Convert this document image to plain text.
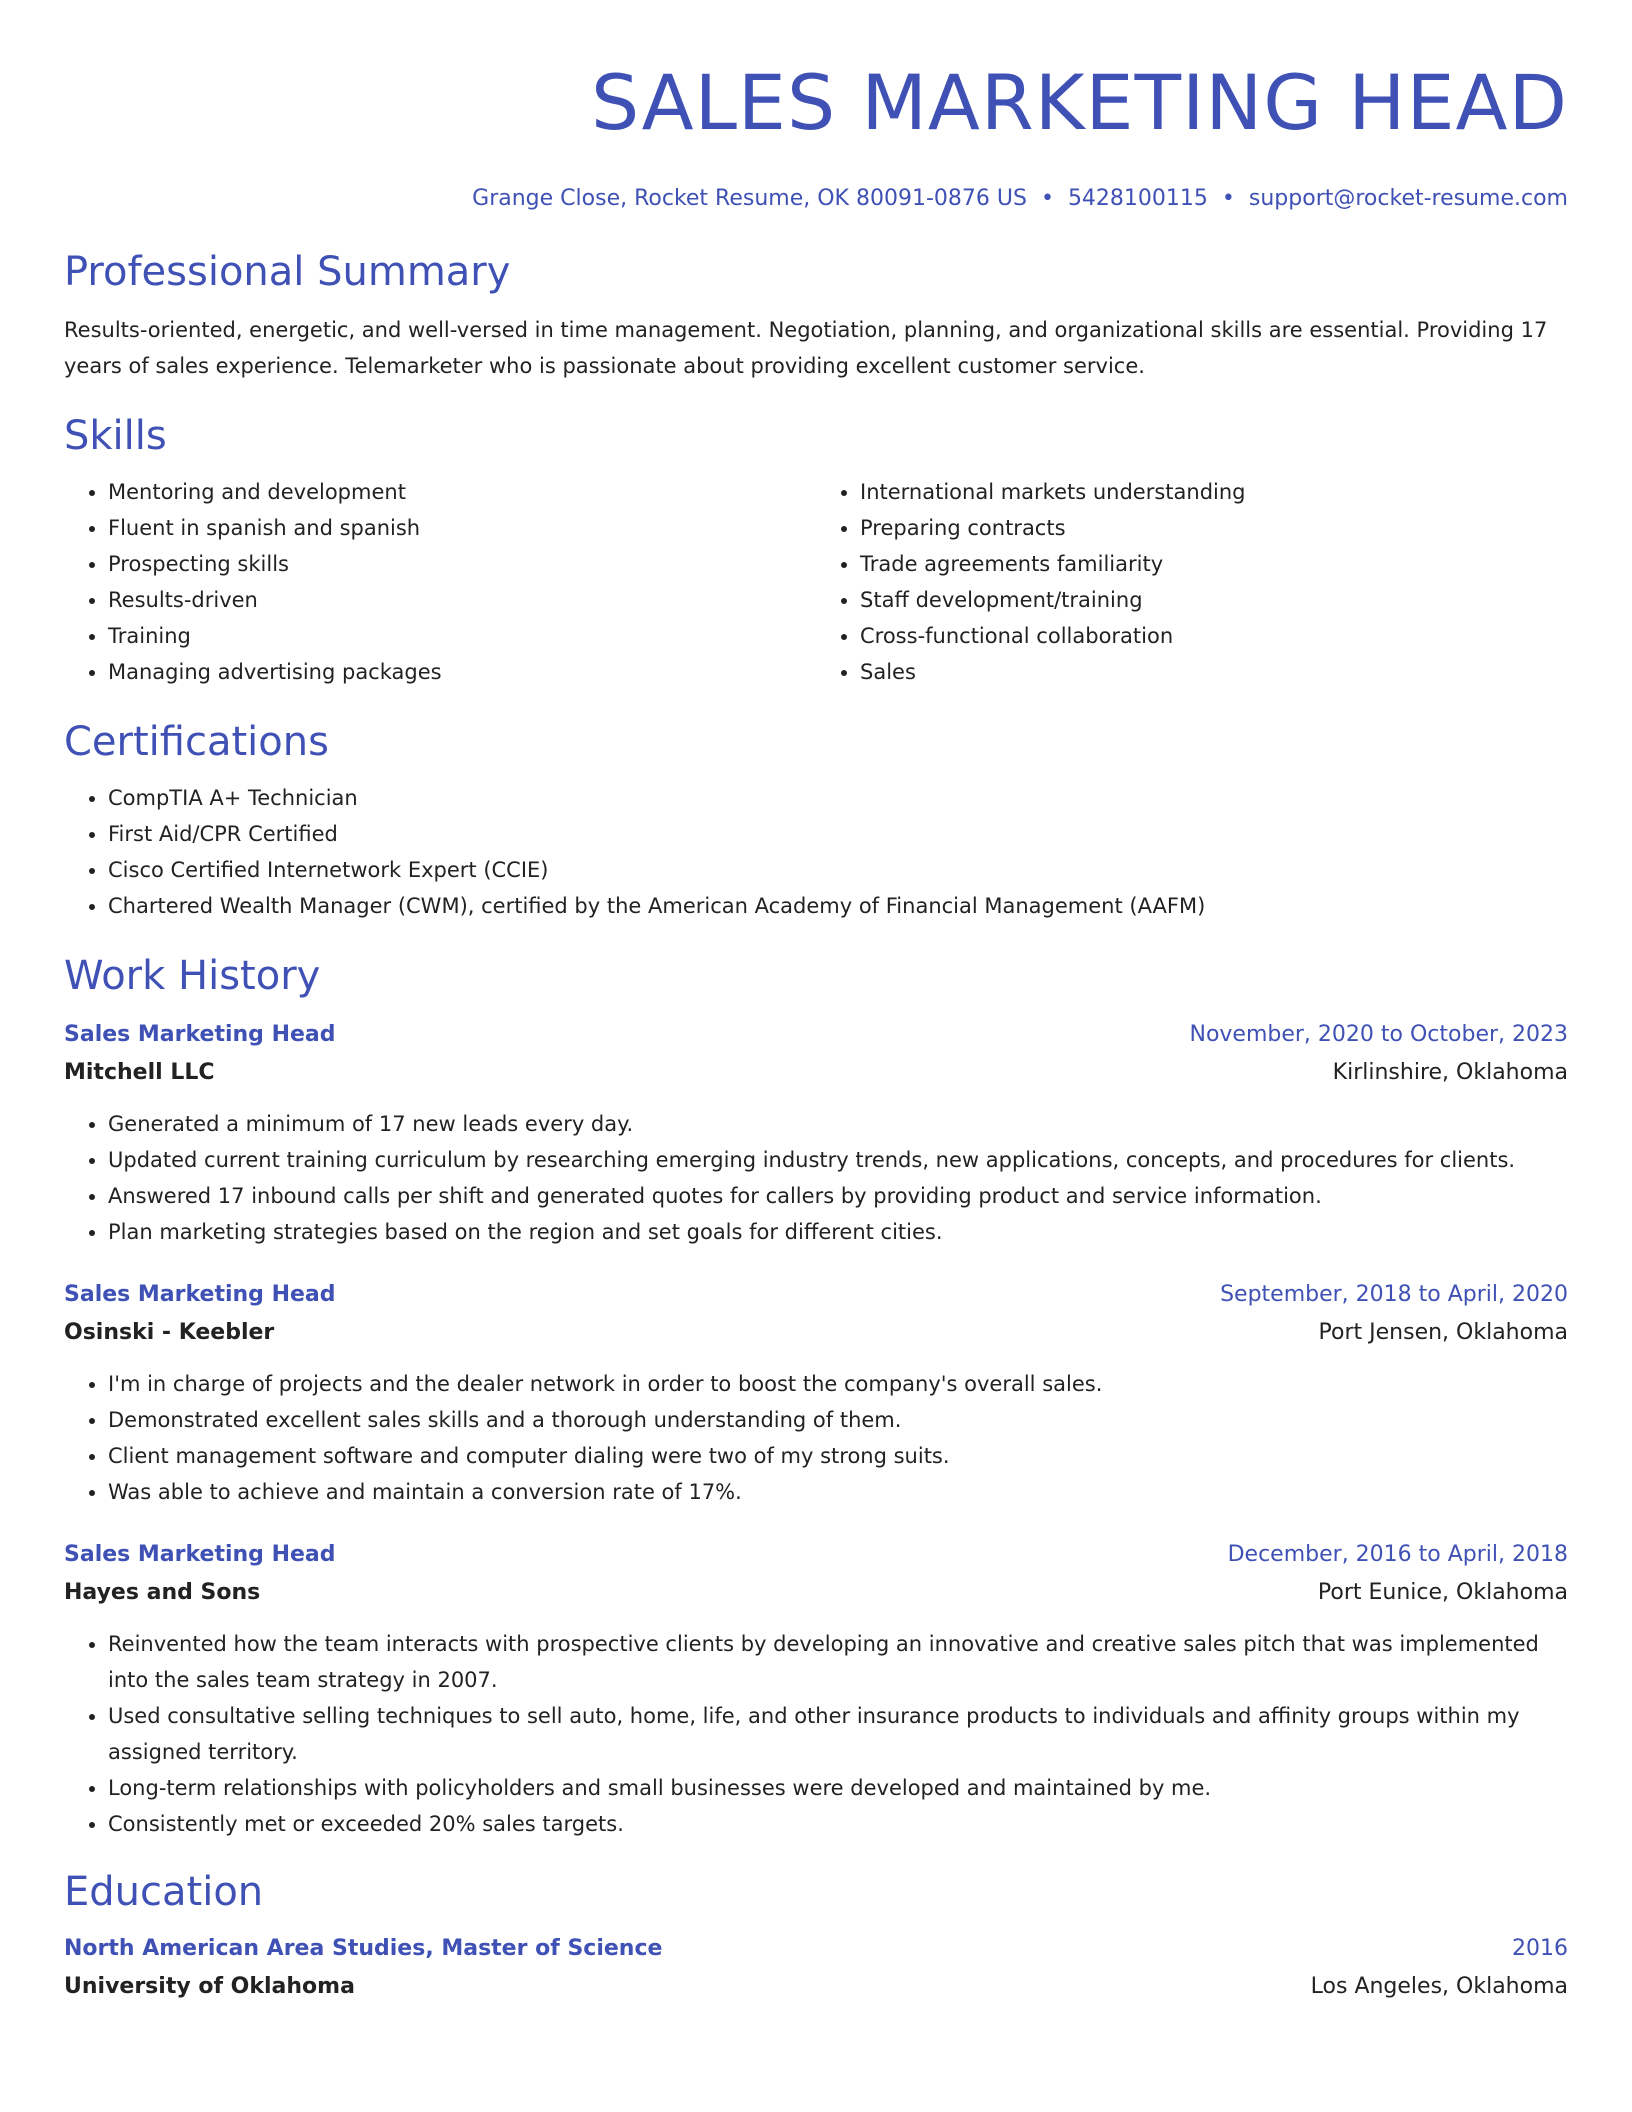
SALES MARKETING HEAD
Grange Close, Rocket Resume, OK 80091-0876 US • 5428100115 • support@rocket-resume.com
Professional Summary

Results-oriented, energetic, and well-versed in time management. Negotiation, planning, and organizational skills are essential. Providing 17 years of sales experience. Telemarketer who is passionate about providing excellent customer service.

Skills
• Mentoring and development
• Fluent in spanish and spanish
• Prospecting skills
• Results-driven
• Training
• Managing advertising packages
• International markets understanding
• Preparing contracts
• Trade agreements familiarity
• Staff development/training
• Cross-functional collaboration
• Sales
Certifications
• CompTIA A+ Technician
• First Aid/CPR Certified
• Cisco Certified Internetwork Expert (CCIE)
• Chartered Wealth Manager (CWM), certified by the American Academy of Financial Management (AAFM)
Work History
Sales Marketing Head	November, 2020 to October, 2023
Mitchell LLC	Kirlinshire, Oklahoma
• Generated a minimum of 17 new leads every day.
• Updated current training curriculum by researching emerging industry trends, new applications, concepts, and procedures for clients.
• Answered 17 inbound calls per shift and generated quotes for callers by providing product and service information.
• Plan marketing strategies based on the region and set goals for different cities.
Sales Marketing Head	September, 2018 to April, 2020
Osinski - Keebler	Port Jensen, Oklahoma
• I'm in charge of projects and the dealer network in order to boost the company's overall sales.
• Demonstrated excellent sales skills and a thorough understanding of them.
• Client management software and computer dialing were two of my strong suits.
• Was able to achieve and maintain a conversion rate of 17%.
Sales Marketing Head	December, 2016 to April, 2018
Hayes and Sons	Port Eunice, Oklahoma
• Reinvented how the team interacts with prospective clients by developing an innovative and creative sales pitch that was implemented into the sales team strategy in 2007.
• Used consultative selling techniques to sell auto, home, life, and other insurance products to individuals and affinity groups within my assigned territory.
• Long-term relationships with policyholders and small businesses were developed and maintained by me.
• Consistently met or exceeded 20% sales targets.
Education
North American Area Studies, Master of Science	2016
University of Oklahoma	Los Angeles, Oklahoma
